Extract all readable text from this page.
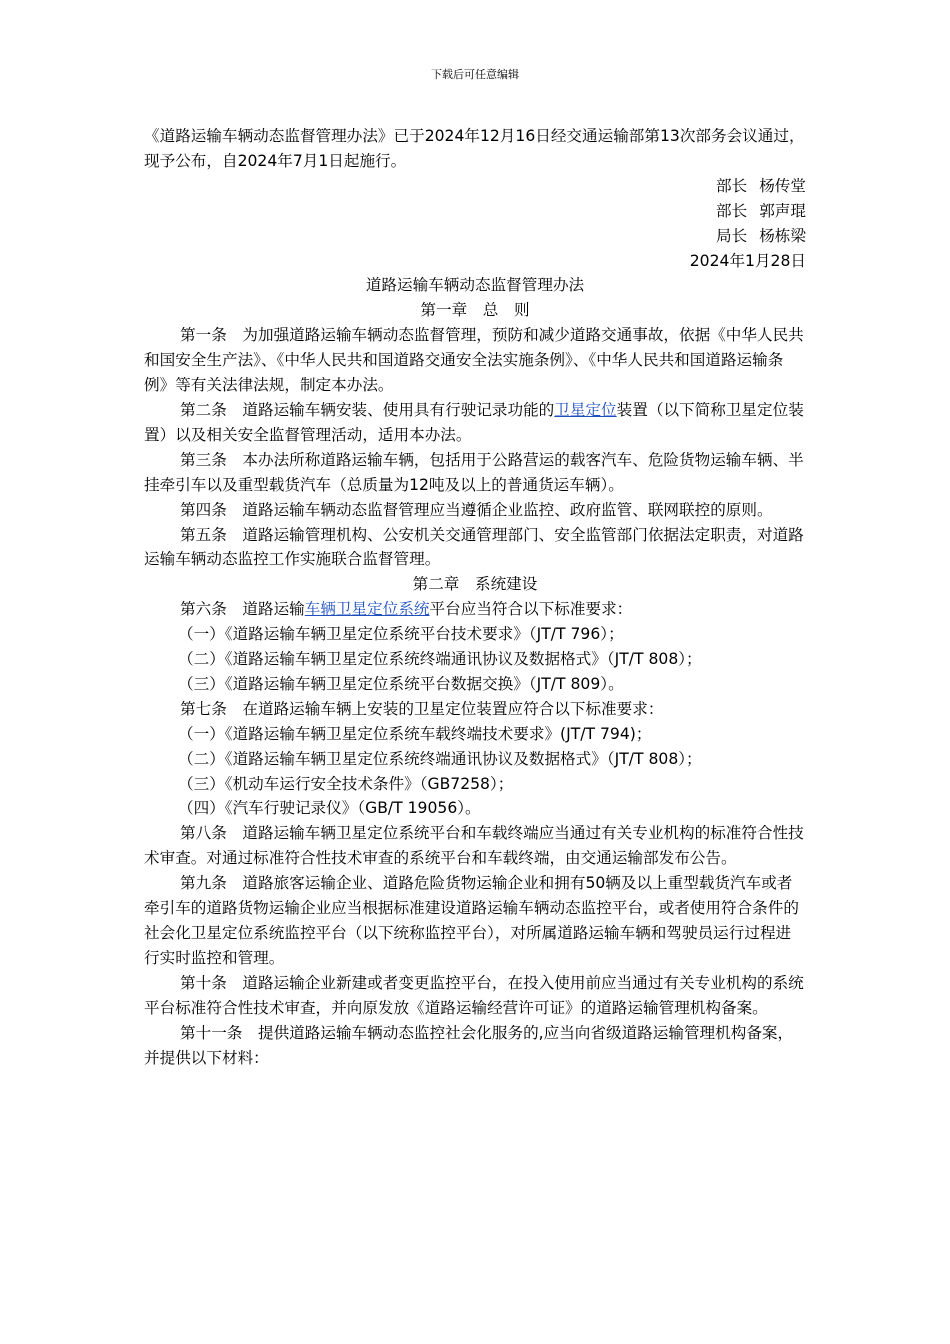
下载后可任意编辑

《道路运输车辆动态监督管理办法》已于2024年12月16日经交通运输部第13次部务会议通过，现予公布，自2024年7月1日起施行。

部长 杨传堂

部长 郭声琨

局长 杨栋梁

2024年1月28日

道路运输车辆动态监督管理办法

第一章　总　则

第一条　为加强道路运输车辆动态监督管理，预防和减少道路交通事故，依据《中华人民共和国安全生产法》、《中华人民共和国道路交通安全法实施条例》、《中华人民共和国道路运输条例》等有关法律法规，制定本办法。

第二条　道路运输车辆安装、使用具有行驶记录功能的卫星定位装置（以下简称卫星定位装置）以及相关安全监督管理活动，适用本办法。

第三条　本办法所称道路运输车辆，包括用于公路营运的载客汽车、危险货物运输车辆、半挂牵引车以及重型载货汽车（总质量为12吨及以上的普通货运车辆）。

第四条　道路运输车辆动态监督管理应当遵循企业监控、政府监管、联网联控的原则。

第五条　道路运输管理机构、公安机关交通管理部门、安全监管部门依据法定职责，对道路运输车辆动态监控工作实施联合监督管理。

第二章　系统建设

第六条　道路运输车辆卫星定位系统平台应当符合以下标准要求：

（一）《道路运输车辆卫星定位系统平台技术要求》（JT/T 796）；

（二）《道路运输车辆卫星定位系统终端通讯协议及数据格式》（JT/T 808）；

（三）《道路运输车辆卫星定位系统平台数据交换》（JT/T 809）。

第七条　在道路运输车辆上安装的卫星定位装置应符合以下标准要求：

（一）《道路运输车辆卫星定位系统车载终端技术要求》(JT/T 794)；

（二）《道路运输车辆卫星定位系统终端通讯协议及数据格式》（JT/T 808）；

（三）《机动车运行安全技术条件》（GB7258）；

（四）《汽车行驶记录仪》（GB/T 19056）。

第八条　道路运输车辆卫星定位系统平台和车载终端应当通过有关专业机构的标准符合性技术审查。对通过标准符合性技术审查的系统平台和车载终端，由交通运输部发布公告。

第九条　道路旅客运输企业、道路危险货物运输企业和拥有50辆及以上重型载货汽车或者牵引车的道路货物运输企业应当根据标准建设道路运输车辆动态监控平台，或者使用符合条件的社会化卫星定位系统监控平台（以下统称监控平台），对所属道路运输车辆和驾驶员运行过程进行实时监控和管理。

第十条　道路运输企业新建或者变更监控平台，在投入使用前应当通过有关专业机构的系统平台标准符合性技术审查，并向原发放《道路运输经营许可证》的道路运输管理机构备案。

第十一条　提供道路运输车辆动态监控社会化服务的,应当向省级道路运输管理机构备案，并提供以下材料：
